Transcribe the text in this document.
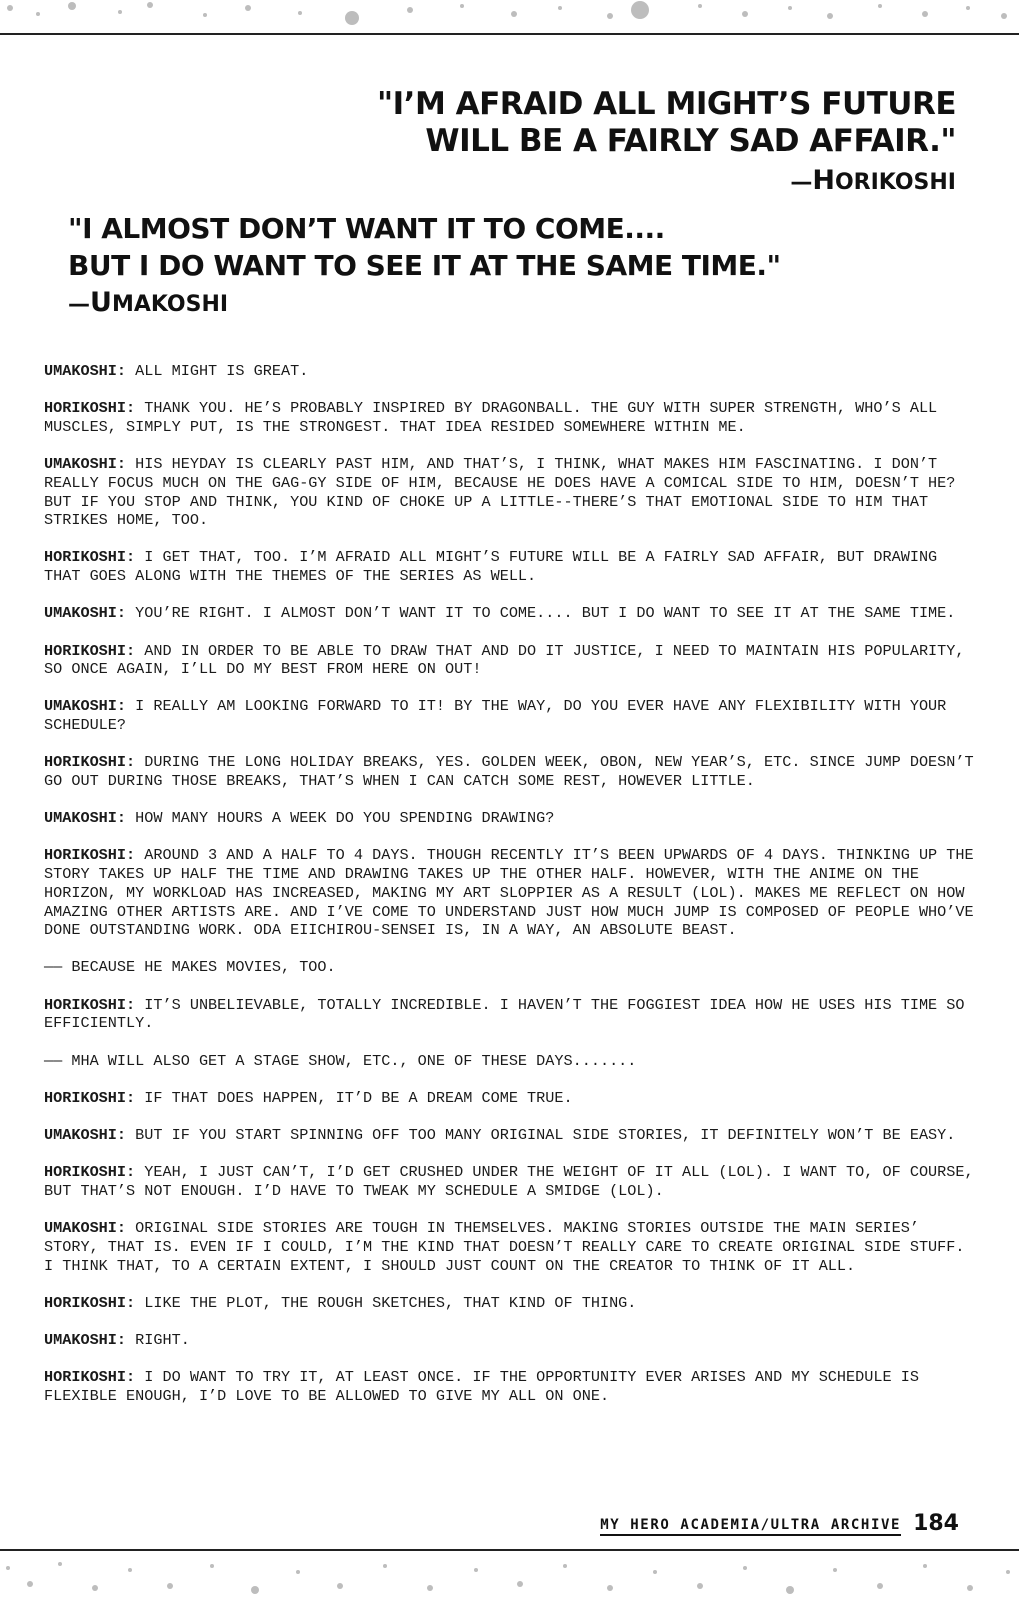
"I’M AFRAID ALL MIGHT’S FUTURE
WILL BE A FAIRLY SAD AFFAIR."
—HORIKOSHI
"I ALMOST DON’T WANT IT TO COME....
BUT I DO WANT TO SEE IT AT THE SAME TIME."
—UMAKOSHI

UMAKOSHI: ALL MIGHT IS GREAT.

HORIKOSHI: THANK YOU. HE’S PROBABLY INSPIRED BY DRAGONBALL. THE GUY WITH SUPER STRENGTH, WHO’S ALL MUSCLES, SIMPLY PUT, IS THE STRONGEST. THAT IDEA RESIDED SOMEWHERE WITHIN ME.

UMAKOSHI: HIS HEYDAY IS CLEARLY PAST HIM, AND THAT’S, I THINK, WHAT MAKES HIM FASCINATING. I DON’T REALLY FOCUS MUCH ON THE GAG-GY SIDE OF HIM, BECAUSE HE DOES HAVE A COMICAL SIDE TO HIM, DOESN’T HE? BUT IF YOU STOP AND THINK, YOU KIND OF CHOKE UP A LITTLE--THERE’S THAT EMOTIONAL SIDE TO HIM THAT STRIKES HOME, TOO.

HORIKOSHI: I GET THAT, TOO. I’M AFRAID ALL MIGHT’S FUTURE WILL BE A FAIRLY SAD AFFAIR, BUT DRAWING THAT GOES ALONG WITH THE THEMES OF THE SERIES AS WELL.

UMAKOSHI: YOU’RE RIGHT. I ALMOST DON’T WANT IT TO COME.... BUT I DO WANT TO SEE IT AT THE SAME TIME.

HORIKOSHI: AND IN ORDER TO BE ABLE TO DRAW THAT AND DO IT JUSTICE, I NEED TO MAINTAIN HIS POPULARITY, SO ONCE AGAIN, I’LL DO MY BEST FROM HERE ON OUT!

UMAKOSHI: I REALLY AM LOOKING FORWARD TO IT! BY THE WAY, DO YOU EVER HAVE ANY FLEXIBILITY WITH YOUR SCHEDULE?

HORIKOSHI: DURING THE LONG HOLIDAY BREAKS, YES. GOLDEN WEEK, OBON, NEW YEAR’S, ETC. SINCE JUMP DOESN’T GO OUT DURING THOSE BREAKS, THAT’S WHEN I CAN CATCH SOME REST, HOWEVER LITTLE.

UMAKOSHI: HOW MANY HOURS A WEEK DO YOU SPENDING DRAWING?

HORIKOSHI: AROUND 3 AND A HALF TO 4 DAYS. THOUGH RECENTLY IT’S BEEN UPWARDS OF 4 DAYS. THINKING UP THE STORY TAKES UP HALF THE TIME AND DRAWING TAKES UP THE OTHER HALF. HOWEVER, WITH THE ANIME ON THE HORIZON, MY WORKLOAD HAS INCREASED, MAKING MY ART SLOPPIER AS A RESULT (LOL). MAKES ME REFLECT ON HOW AMAZING OTHER ARTISTS ARE. AND I’VE COME TO UNDERSTAND JUST HOW MUCH JUMP IS COMPOSED OF PEOPLE WHO’VE DONE OUTSTANDING WORK. ODA EIICHIROU-SENSEI IS, IN A WAY, AN ABSOLUTE BEAST.

—— BECAUSE HE MAKES MOVIES, TOO.

HORIKOSHI: IT’S UNBELIEVABLE, TOTALLY INCREDIBLE. I HAVEN’T THE FOGGIEST IDEA HOW HE USES HIS TIME SO EFFICIENTLY.

—— MHA WILL ALSO GET A STAGE SHOW, ETC., ONE OF THESE DAYS.......

HORIKOSHI: IF THAT DOES HAPPEN, IT’D BE A DREAM COME TRUE.

UMAKOSHI: BUT IF YOU START SPINNING OFF TOO MANY ORIGINAL SIDE STORIES, IT DEFINITELY WON’T BE EASY.

HORIKOSHI: YEAH, I JUST CAN’T, I’D GET CRUSHED UNDER THE WEIGHT OF IT ALL (LOL). I WANT TO, OF COURSE, BUT THAT’S NOT ENOUGH. I’D HAVE TO TWEAK MY SCHEDULE A SMIDGE (LOL).

UMAKOSHI: ORIGINAL SIDE STORIES ARE TOUGH IN THEMSELVES. MAKING STORIES OUTSIDE THE MAIN SERIES’ STORY, THAT IS. EVEN IF I COULD, I’M THE KIND THAT DOESN’T REALLY CARE TO CREATE ORIGINAL SIDE STUFF. I THINK THAT, TO A CERTAIN EXTENT, I SHOULD JUST COUNT ON THE CREATOR TO THINK OF IT ALL.

HORIKOSHI: LIKE THE PLOT, THE ROUGH SKETCHES, THAT KIND OF THING.

UMAKOSHI: RIGHT.

HORIKOSHI: I DO WANT TO TRY IT, AT LEAST ONCE. IF THE OPPORTUNITY EVER ARISES AND MY SCHEDULE IS FLEXIBLE ENOUGH, I’D LOVE TO BE ALLOWED TO GIVE MY ALL ON ONE.

MY HERO ACADEMIA/ULTRA ARCHIVE 184
